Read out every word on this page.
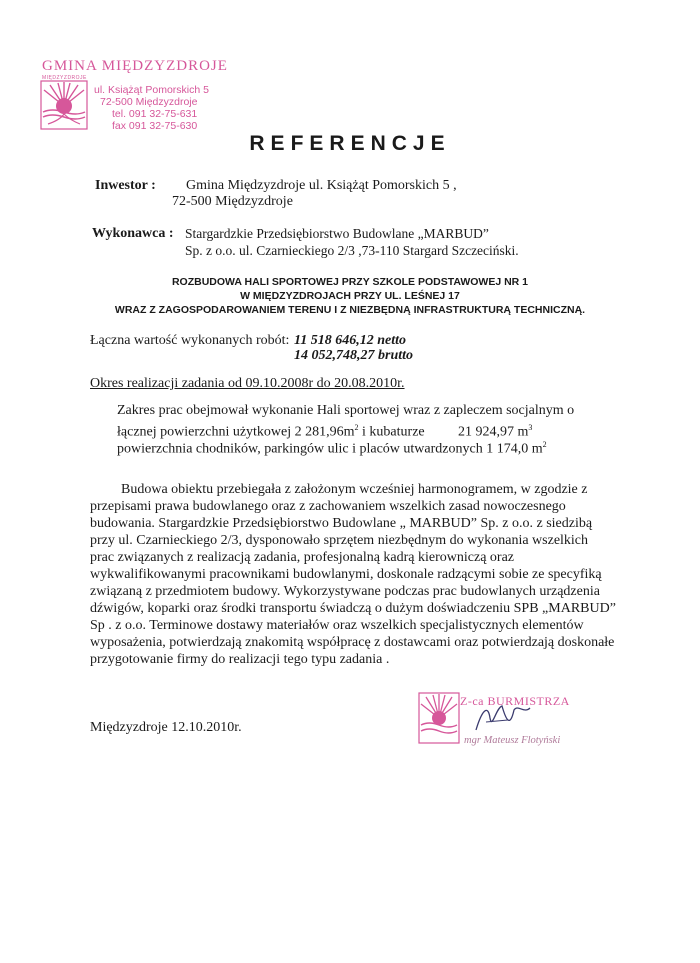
GMINA MIĘDZYZDROJE
MIĘDZYZDROJE
ul. Książąt Pomorskich 5
72-500 Międzyzdroje
tel. 091 32-75-631
fax 091 32-75-630
REFERENCJE
Inwestor : Gmina Międzyzdroje ul. Książąt Pomorskich 5 ,
72-500 Międzyzdroje
Wykonawca : Stargardzkie Przedsiębiorstwo Budowlane „MARBUD”
Sp. z o.o. ul. Czarnieckiego 2/3 ,73-110 Stargard Szczeciński.
ROZBUDOWA HALI SPORTOWEJ PRZY SZKOLE PODSTAWOWEJ NR 1
W MIĘDZYZDROJACH PRZY UL. LEŚNEJ 17
WRAZ Z ZAGOSPODAROWANIEM TERENU I Z NIEZBĘDNĄ INFRASTRUKTURĄ TECHNICZNĄ.
Łączna wartość wykonanych robót: 11 518 646,12 netto
14 052,748,27 brutto
Okres realizacji zadania od 09.10.2008r do 20.08.2010r.
Zakres prac obejmował wykonanie Hali sportowej wraz z zapleczem socjalnym o
łącznej powierzchni użytkowej 2 $281,96m^2$ i kubaturze 21 924,97 $m^3$
powierzchnia chodników, parkingów ulic i placów utwardzonych 1 174,0 $m^2$
Budowa obiektu przebiegała z założonym wcześniej harmonogramem, w zgodzie z
przepisami prawa budowlanego oraz z zachowaniem wszelkich zasad nowoczesnego
budowania. Stargardzkie Przedsiębiorstwo Budowlane „ MARBUD” Sp. z o.o. z siedzibą
przy ul. Czarnieckiego 2/3, dysponowało sprzętem niezbędnym do wykonania wszelkich
prac związanych z realizacją zadania, profesjonalną kadrą kierowniczą oraz
wykwalifikowanymi pracownikami budowlanymi, doskonale radzącymi sobie ze specyfiką
związaną z przedmiotem budowy. Wykorzystywane podczas prac budowlanych urządzenia
dźwigów, koparki oraz środki transportu świadczą o dużym doświadczeniu SPB „MARBUD”
Sp . z o.o. Terminowe dostawy materiałów oraz wszelkich specjalistycznych elementów
wyposażenia, potwierdzają znakomitą współpracę z dostawcami oraz potwierdzają doskonałe
przygotowanie firmy do realizacji tego typu zadania .
Międzyzdroje 12.10.2010r.
Z-ca BURMISTRZA
mgr Mateusz Flotyński
